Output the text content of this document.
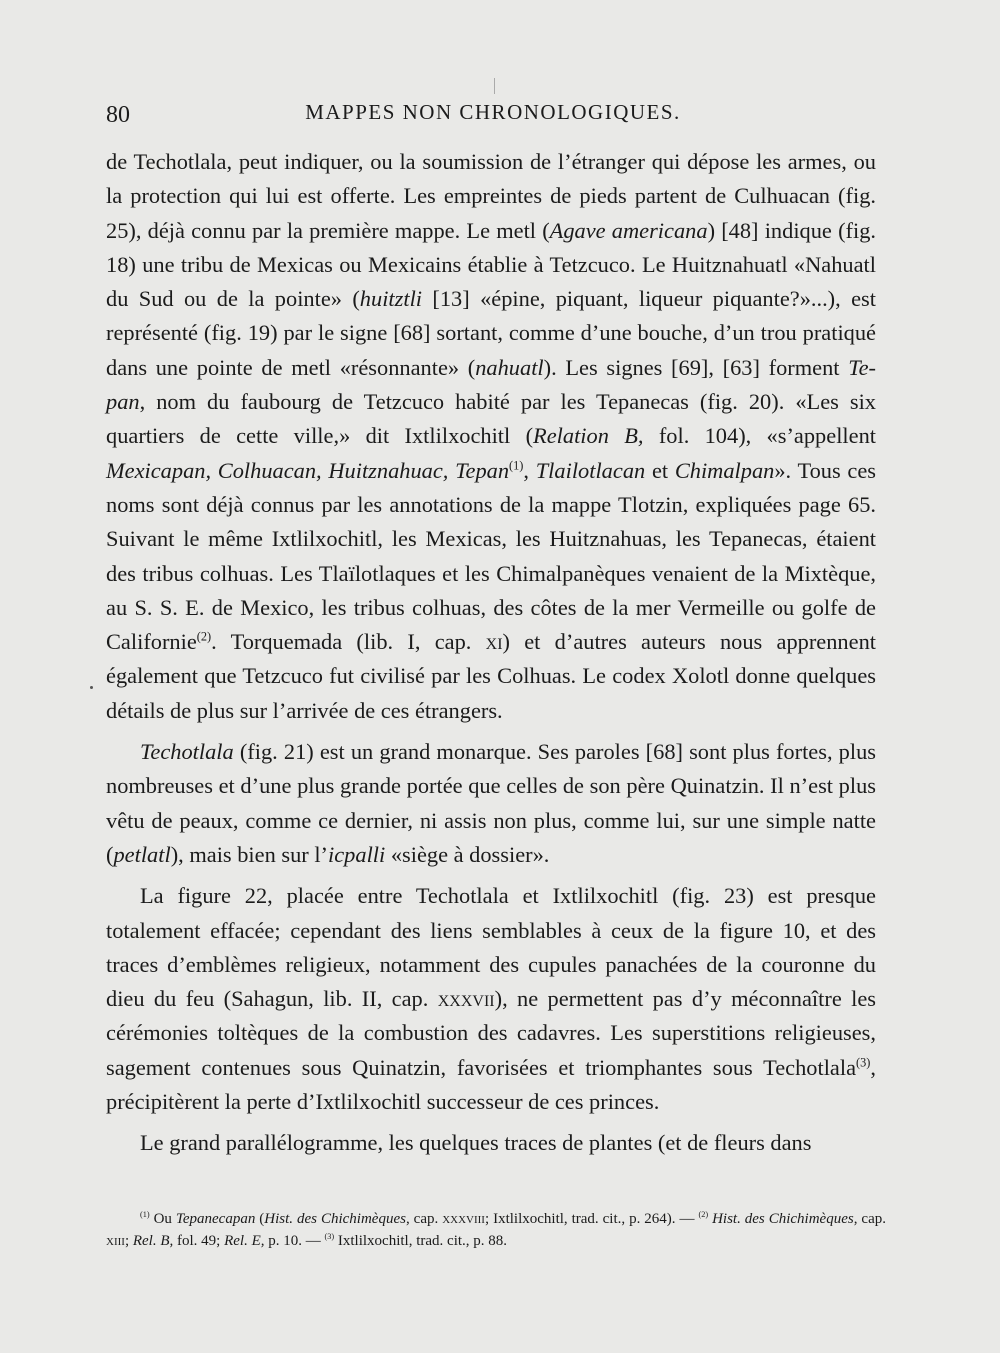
80	MAPPES NON CHRONOLOGIQUES.

de Techotlala, peut indiquer, ou la soumission de l’étranger qui dépose les armes, ou la protection qui lui est offerte. Les empreintes de pieds partent de Culhuacan (fig. 25), déjà connu par la première mappe. Le metl (Agave americana) [48] indique (fig. 18) une tribu de Mexicas ou Mexicains établie à Tetzcuco. Le Huitznahuatl «Nahuatl du Sud ou de la pointe» (huitztli [13] «épine, piquant, liqueur piquante?»...), est représenté (fig. 19) par le signe [68] sortant, comme d’une bouche, d’un trou pratiqué dans une pointe de metl «résonnante» (nahuatl). Les signes [69], [63] forment Te-pan, nom du faubourg de Tetzcuco habité par les Tepanecas (fig. 20). «Les six quartiers de cette ville,» dit Ixtlilxochitl (Relation B, fol. 104), «s’appellent Mexicapan, Colhuacan, Huitznahuac, Tepan$^{(1)}$, Tlailotlacan et Chimalpan». Tous ces noms sont déjà connus par les annotations de la mappe Tlotzin, expliquées page 65. Suivant le même Ixtlilxochitl, les Mexicas, les Huitznahuas, les Tepanecas, étaient des tribus colhuas. Les Tlaïlotlaques et les Chimalpanèques venaient de la Mixtèque, au S. S. E. de Mexico, les tribus colhuas, des côtes de la mer Vermeille ou golfe de Californie$^{(2)}$. Torquemada (lib. I, cap. xi) et d’autres auteurs nous apprennent également que Tetzcuco fut civilisé par les Colhuas. Le codex Xolotl donne quelques détails de plus sur l’arrivée de ces étrangers.

Techotlala (fig. 21) est un grand monarque. Ses paroles [68] sont plus fortes, plus nombreuses et d’une plus grande portée que celles de son père Quinatzin. Il n’est plus vêtu de peaux, comme ce dernier, ni assis non plus, comme lui, sur une simple natte (petlatl), mais bien sur l’icpalli «siège à dossier».

La figure 22, placée entre Techotlala et Ixtlilxochitl (fig. 23) est presque totalement effacée; cependant des liens semblables à ceux de la figure 10, et des traces d’emblèmes religieux, notamment des cupules panachées de la couronne du dieu du feu (Sahagun, lib. II, cap. xxxvii), ne permettent pas d’y méconnaître les cérémonies toltèques de la combustion des cadavres. Les superstitions religieuses, sagement contenues sous Quinatzin, favorisées et triomphantes sous Techotlala$^{(3)}$, précipitèrent la perte d’Ixtlilxochitl successeur de ces princes.

Le grand parallélogramme, les quelques traces de plantes (et de fleurs dans

$^{(1)}$ Ou Tepanecapan (Hist. des Chichimèques, cap. xxxviii; Ixtlilxochitl, trad. cit., p. 264). — $^{(2)}$ Hist. des Chichimèques, cap. xiii; Rel. B, fol. 49; Rel. E, p. 10. — $^{(3)}$ Ixtlilxochitl, trad. cit., p. 88.
